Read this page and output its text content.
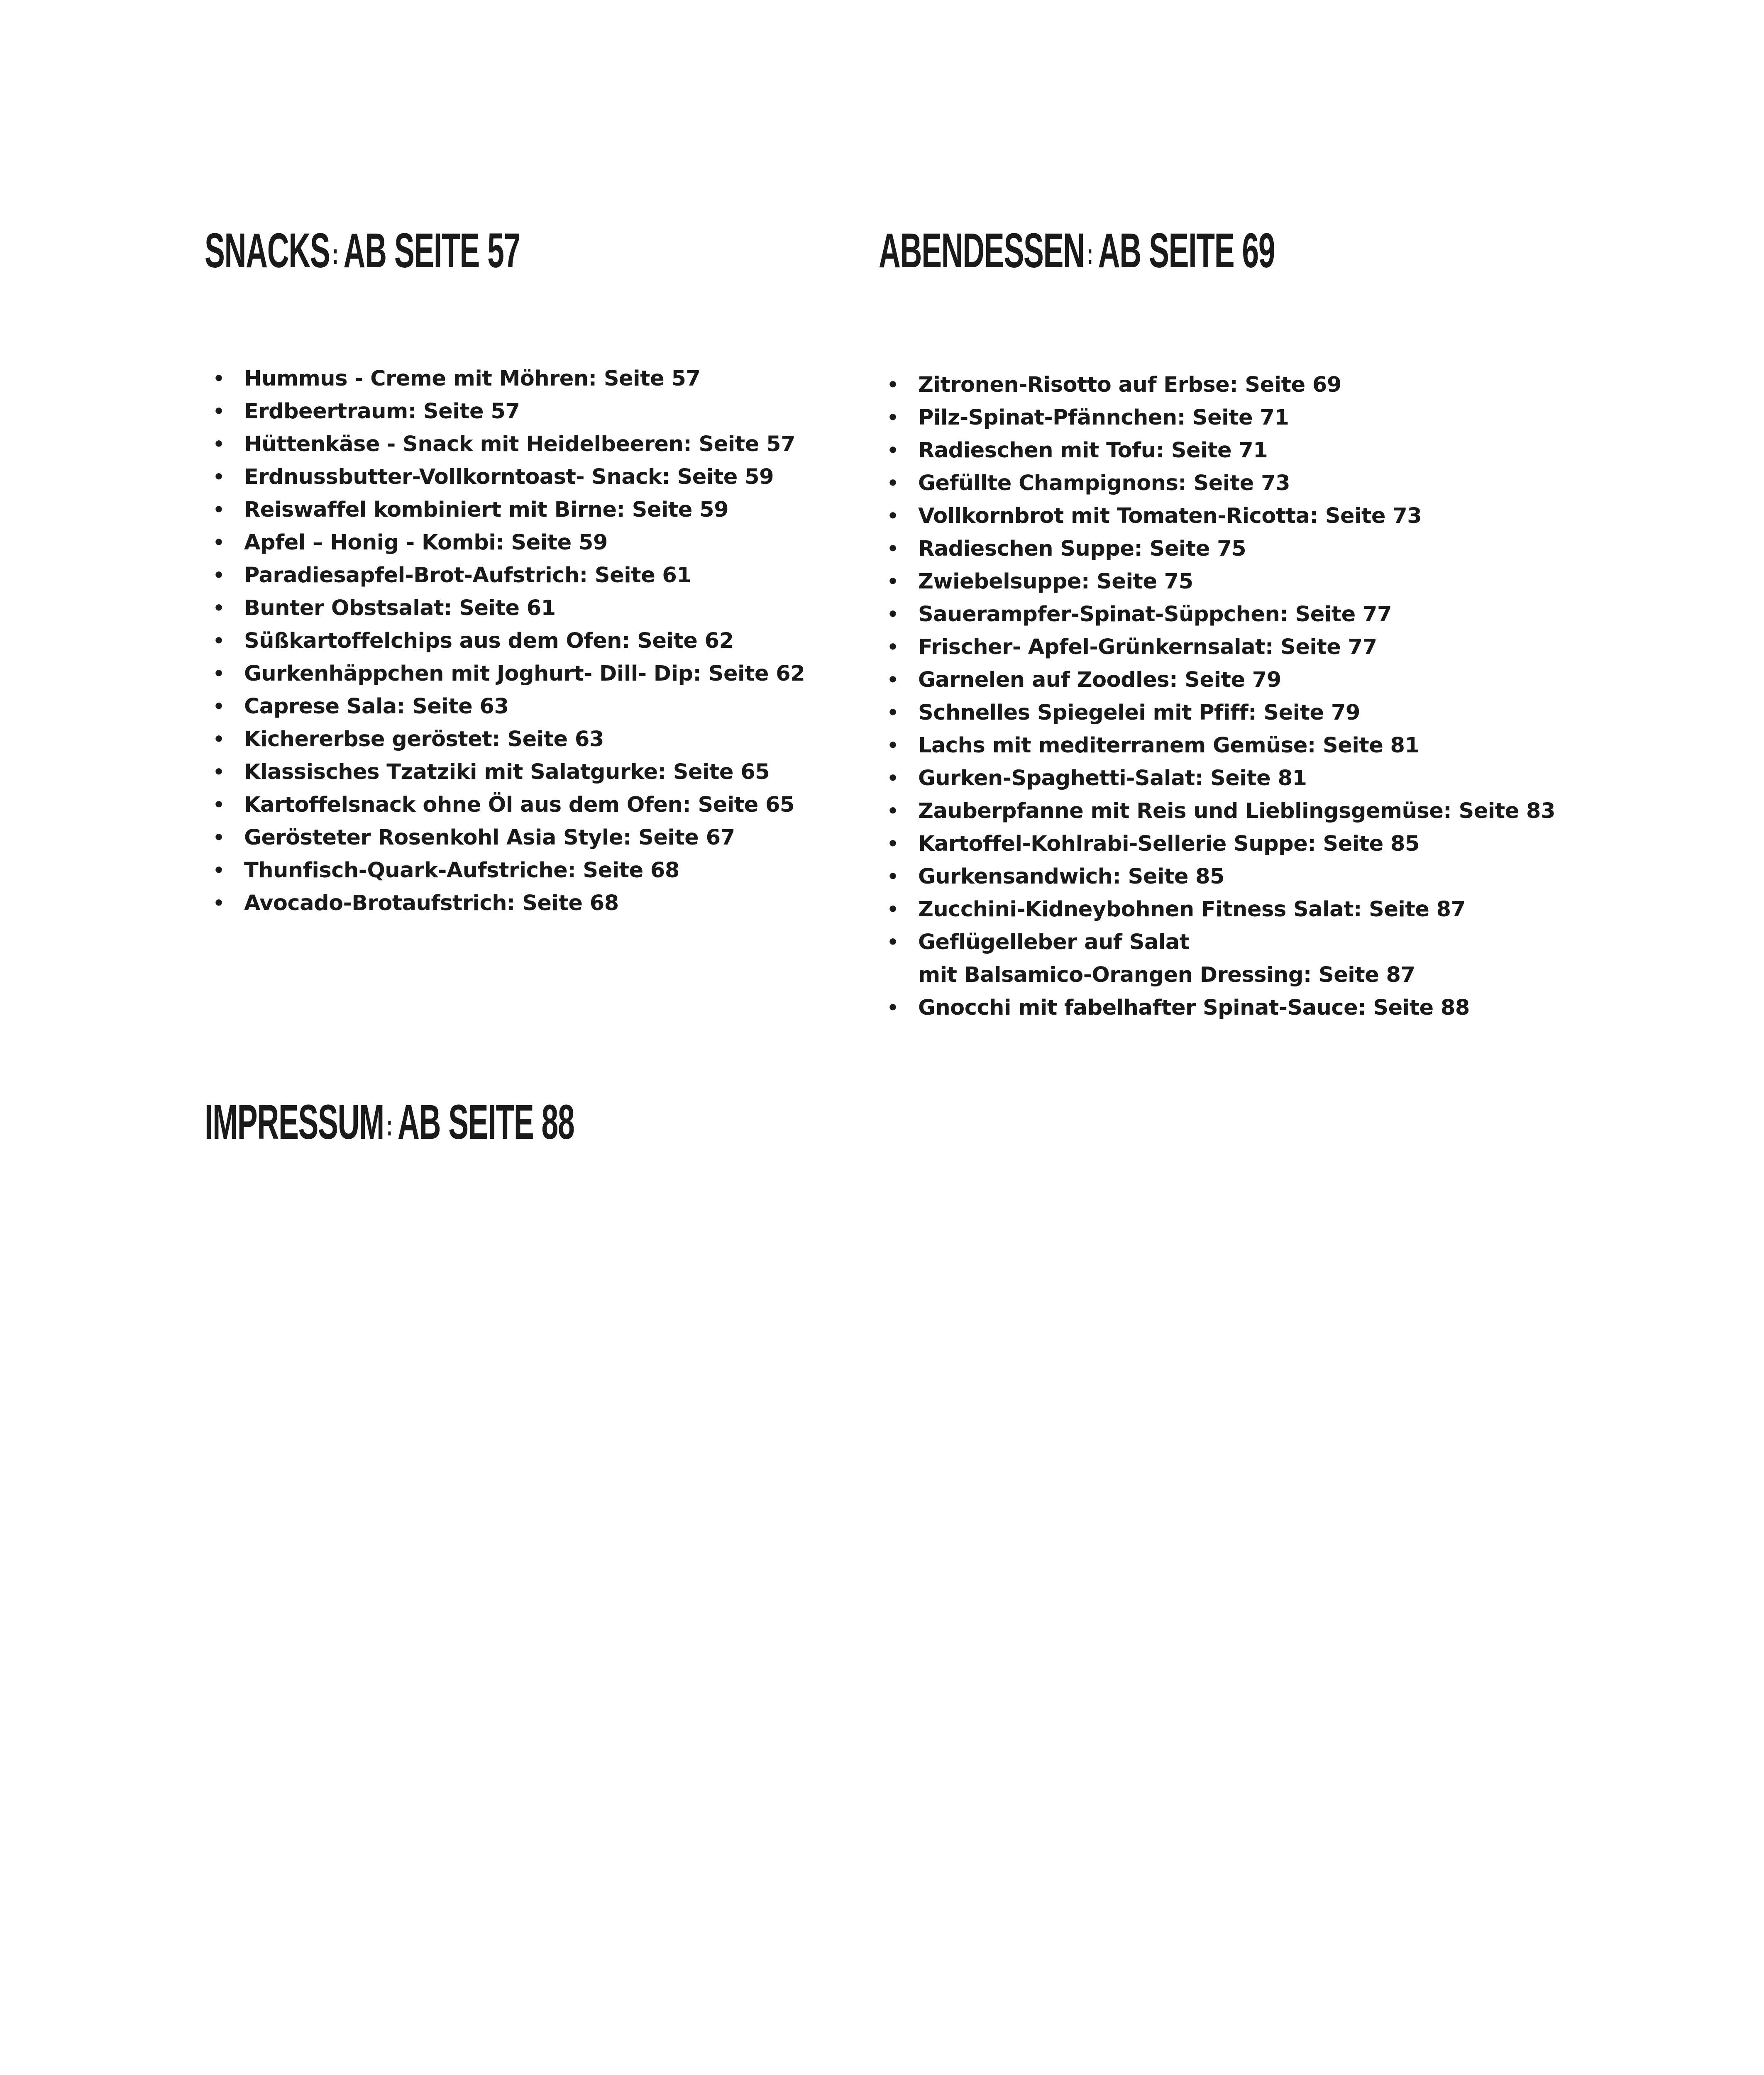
SNACKS: AB SEITE 57	ABENDESSEN: AB SEITE 69
• Hummus - Creme mit Möhren: Seite 57
• Erdbeertraum: Seite 57
• Hüttenkäse - Snack mit Heidelbeeren: Seite 57
• Erdnussbutter-Vollkorntoast- Snack: Seite 59
• Reiswaffel kombiniert mit Birne: Seite 59
• Apfel – Honig - Kombi: Seite 59
• Paradiesapfel-Brot-Aufstrich: Seite 61
• Bunter Obstsalat: Seite 61
• Süßkartoffelchips aus dem Ofen: Seite 62
• Gurkenhäppchen mit Joghurt- Dill- Dip: Seite 62
• Caprese Sala: Seite 63
• Kichererbse geröstet: Seite 63
• Klassisches Tzatziki mit Salatgurke: Seite 65
• Kartoffelsnack ohne Öl aus dem Ofen: Seite 65
• Gerösteter Rosenkohl Asia Style: Seite 67
• Thunfisch-Quark-Aufstriche: Seite 68
• Avocado-Brotaufstrich: Seite 68
• Zitronen-Risotto auf Erbse: Seite 69
• Pilz-Spinat-Pfännchen: Seite 71
• Radieschen mit Tofu: Seite 71
• Gefüllte Champignons: Seite 73
• Vollkornbrot mit Tomaten-Ricotta: Seite 73
• Radieschen Suppe: Seite 75
• Zwiebelsuppe: Seite 75
• Sauerampfer-Spinat-Süppchen: Seite 77
• Frischer- Apfel-Grünkernsalat: Seite 77
• Garnelen auf Zoodles: Seite 79
• Schnelles Spiegelei mit Pfiff: Seite 79
• Lachs mit mediterranem Gemüse: Seite 81
• Gurken-Spaghetti-Salat: Seite 81
• Zauberpfanne mit Reis und Lieblingsgemüse: Seite 83
• Kartoffel-Kohlrabi-Sellerie Suppe: Seite 85
• Gurkensandwich: Seite 85
• Zucchini-Kidneybohnen Fitness Salat: Seite 87
• Geflügelleber auf Salat
mit Balsamico-Orangen Dressing: Seite 87
• Gnocchi mit fabelhafter Spinat-Sauce: Seite 88
IMPRESSUM: AB SEITE 88
